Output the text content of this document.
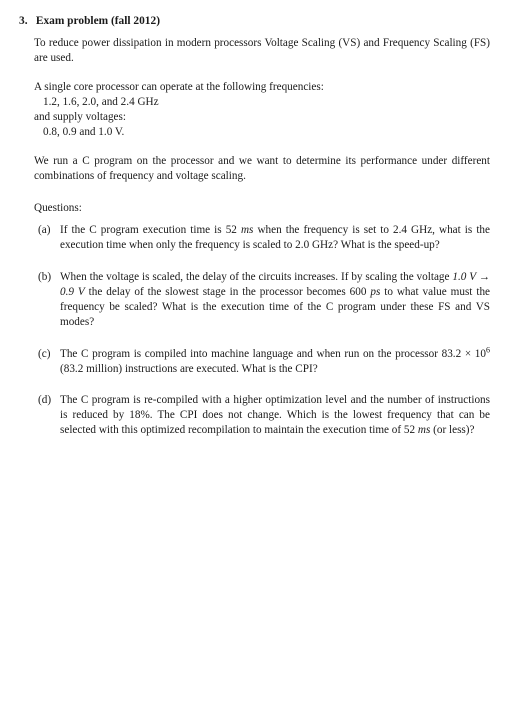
3. Exam problem (fall 2012)

To reduce power dissipation in modern processors Voltage Scaling (VS) and Frequency Scaling (FS) are used.

A single core processor can operate at the following frequencies:

1.2, 1.6, 2.0, and 2.4 GHz

and supply voltages:

0.8, 0.9 and 1.0 V.

We run a C program on the processor and we want to determine its performance under different combinations of frequency and voltage scaling.

Questions:

(a) If the C program execution time is 52 ms when the frequency is set to 2.4 GHz, what is the execution time when only the frequency is scaled to 2.0 GHz? What is the speed-up?

(b) When the voltage is scaled, the delay of the circuits increases. If by scaling the voltage 1.0 V → 0.9 V the delay of the slowest stage in the processor becomes 600 ps to what value must the frequency be scaled? What is the execution time of the C program under these FS and VS modes?

(c) The C program is compiled into machine language and when run on the processor $83.2 \times 10^6$ (83.2 million) instructions are executed. What is the CPI?

(d) The C program is re-compiled with a higher optimization level and the number of instructions is reduced by 18%. The CPI does not change. Which is the lowest frequency that can be selected with this optimized recompilation to maintain the execution time of 52 ms (or less)?
